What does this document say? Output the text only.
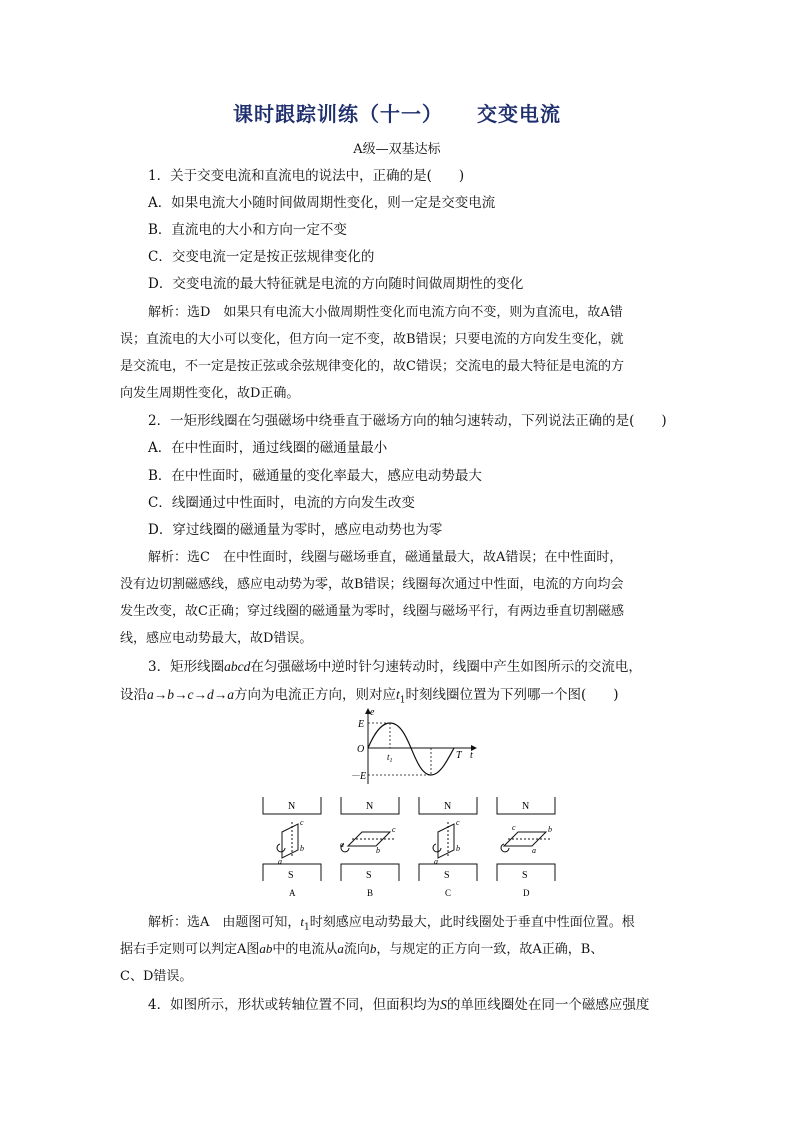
课时跟踪训练（十一） 交变电流
A级—双基达标
1．关于交变电流和直流电的说法中，正确的是(　　)
A．如果电流大小随时间做周期性变化，则一定是交变电流
B．直流电的大小和方向一定不变
C．交变电流一定是按正弦规律变化的
D．交变电流的最大特征就是电流的方向随时间做周期性的变化
解析：选D　如果只有电流大小做周期性变化而电流方向不变，则为直流电，故A错
误；直流电的大小可以变化，但方向一定不变，故B错误；只要电流的方向发生变化，就
是交流电，不一定是按正弦或余弦规律变化的，故C错误；交流电的最大特征是电流的方
向发生周期性变化，故D正确。
2．一矩形线圈在匀强磁场中绕垂直于磁场方向的轴匀速转动，下列说法正确的是(　　)
A．在中性面时，通过线圈的磁通量最小
B．在中性面时，磁通量的变化率最大，感应电动势最大
C．线圈通过中性面时，电流的方向发生改变
D．穿过线圈的磁通量为零时，感应电动势也为零
解析：选C　在中性面时，线圈与磁场垂直，磁通量最大，故A错误；在中性面时，
没有边切割磁感线，感应电动势为零，故B错误；线圈每次通过中性面，电流的方向均会
发生改变，故C正确；穿过线圈的磁通量为零时，线圈与磁场平行，有两边垂直切割磁感
线，感应电动势最大，故D错误。
3．矩形线圈abcd在匀强磁场中逆时针匀速转动时，线圈中产生如图所示的交流电，
设沿a→b→c→d→a方向为电流正方向，则对应$t_1$时刻线圈位置为下列哪一个图(　　)
e
E
O
－E
$t_1$	T t
N	N	N	N
S	S	S	S
c
b
a
a
b
c
c
b
a
c	b
a
A	B	C	D
解析：选A　由题图可知，$t_1$时刻感应电动势最大，此时线圈处于垂直中性面位置。根
据右手定则可以判定A图ab中的电流从a流向b，与规定的正方向一致，故A正确，B、
C、D错误。
4．如图所示，形状或转轴位置不同，但面积均为S的单匝线圈处在同一个磁感应强度
